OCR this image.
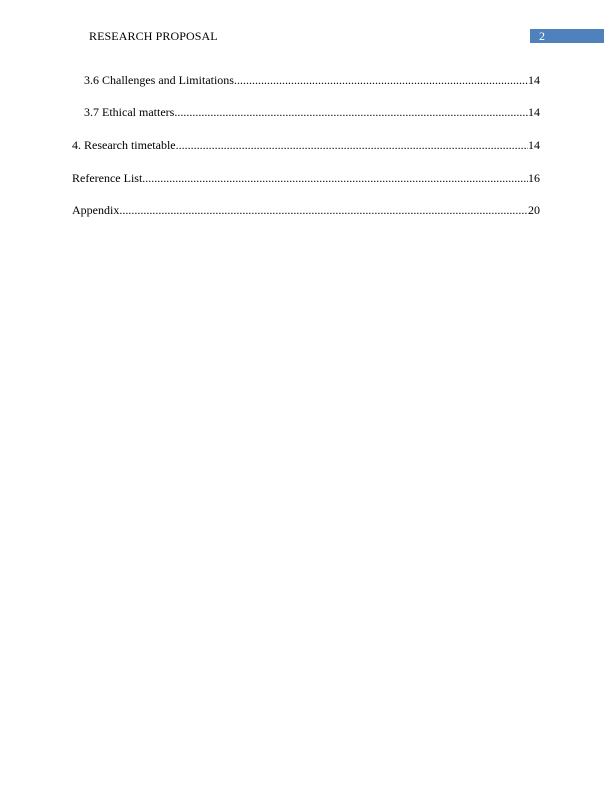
RESEARCH PROPOSAL	2
3.6 Challenges and Limitations .....	14
3.7 Ethical matters .....	14
4. Research timetable .....	14
Reference List .....	16
Appendix .....	20
